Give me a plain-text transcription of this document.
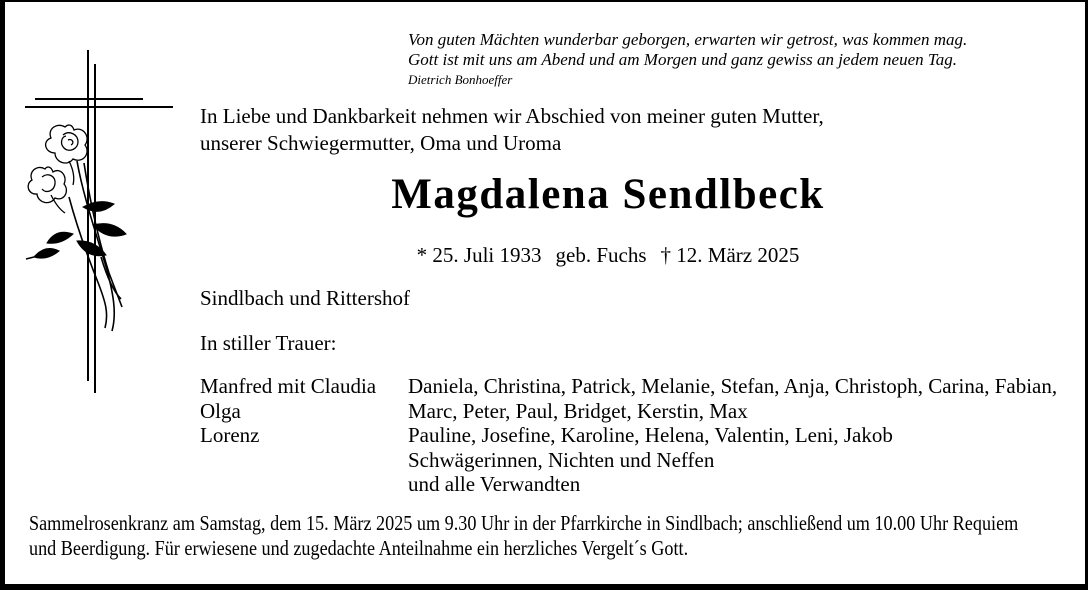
Von guten Mächten wunderbar geborgen, erwarten wir getrost, was kommen mag.
Gott ist mit uns am Abend und am Morgen und ganz gewiss an jedem neuen Tag.
Dietrich Bonhoeffer
In Liebe und Dankbarkeit nehmen wir Abschied von meiner guten Mutter,
unserer Schwiegermutter, Oma und Uroma
Magdalena Sendlbeck
* 25. Juli 1933 geb. Fuchs † 12. März 2025
Sindlbach und Rittershof
In stiller Trauer:
Manfred mit Claudia
Olga
Lorenz
Daniela, Christina, Patrick, Melanie, Stefan, Anja, Christoph, Carina, Fabian,
Marc, Peter, Paul, Bridget, Kerstin, Max
Pauline, Josefine, Karoline, Helena, Valentin, Leni, Jakob
Schwägerinnen, Nichten und Neffen
und alle Verwandten
Sammelrosenkranz am Samstag, dem 15. März 2025 um 9.30 Uhr in der Pfarrkirche in Sindlbach; anschließend um 10.00 Uhr Requiem
und Beerdigung. Für erwiesene und zugedachte Anteilnahme ein herzliches Vergelt´s Gott.
